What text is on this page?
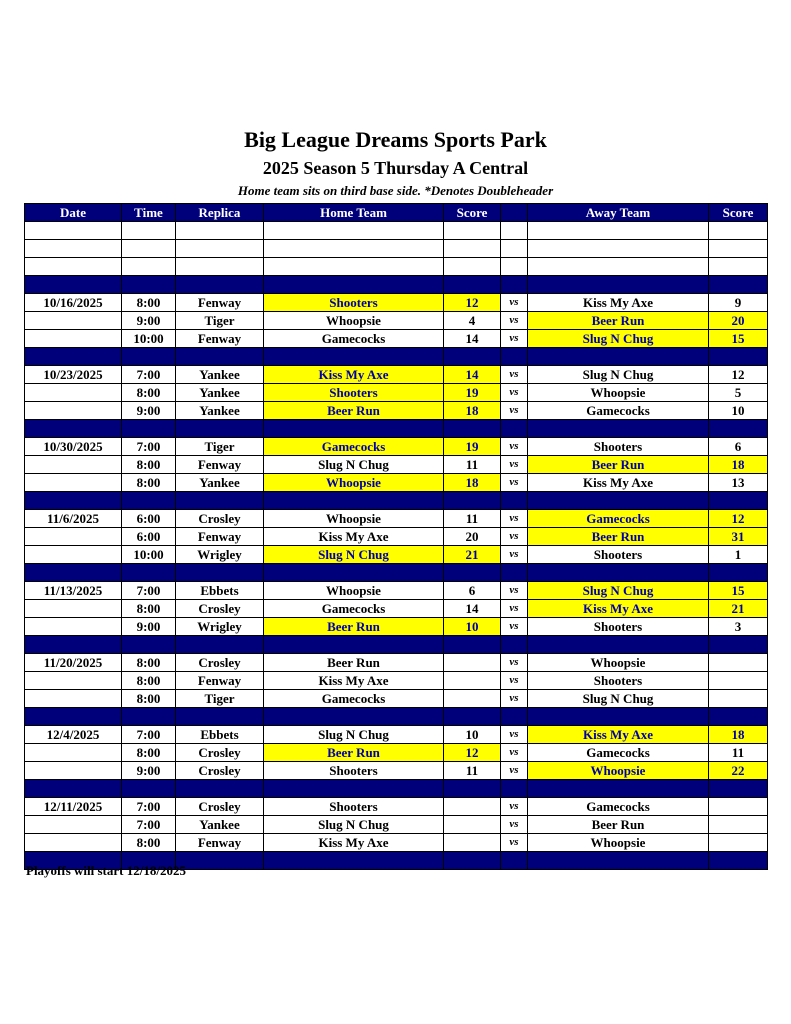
Big League Dreams Sports Park
2025 Season 5 Thursday A Central
Home team sits on third base side. *Denotes Doubleheader
Date	Time	Replica	Home Team	Score		Away Team	Score

10/16/2025	8:00	Fenway	Shooters	12	vs	Kiss My Axe	9
	9:00	Tiger	Whoopsie	4	vs	Beer Run	20
	10:00	Fenway	Gamecocks	14	vs	Slug N Chug	15

10/23/2025	7:00	Yankee	Kiss My Axe	14	vs	Slug N Chug	12
	8:00	Yankee	Shooters	19	vs	Whoopsie	5
	9:00	Yankee	Beer Run	18	vs	Gamecocks	10

10/30/2025	7:00	Tiger	Gamecocks	19	vs	Shooters	6
	8:00	Fenway	Slug N Chug	11	vs	Beer Run	18
	8:00	Yankee	Whoopsie	18	vs	Kiss My Axe	13

11/6/2025	6:00	Crosley	Whoopsie	11	vs	Gamecocks	12
	6:00	Fenway	Kiss My Axe	20	vs	Beer Run	31
	10:00	Wrigley	Slug N Chug	21	vs	Shooters	1

11/13/2025	7:00	Ebbets	Whoopsie	6	vs	Slug N Chug	15
	8:00	Crosley	Gamecocks	14	vs	Kiss My Axe	21
	9:00	Wrigley	Beer Run	10	vs	Shooters	3

11/20/2025	8:00	Crosley	Beer Run		vs	Whoopsie	
	8:00	Fenway	Kiss My Axe		vs	Shooters	
	8:00	Tiger	Gamecocks		vs	Slug N Chug	

12/4/2025	7:00	Ebbets	Slug N Chug	10	vs	Kiss My Axe	18
	8:00	Crosley	Beer Run	12	vs	Gamecocks	11
	9:00	Crosley	Shooters	11	vs	Whoopsie	22

12/11/2025	7:00	Crosley	Shooters		vs	Gamecocks	
	7:00	Yankee	Slug N Chug		vs	Beer Run	
	8:00	Fenway	Kiss My Axe		vs	Whoopsie	

Playoffs will start 12/18/2025
